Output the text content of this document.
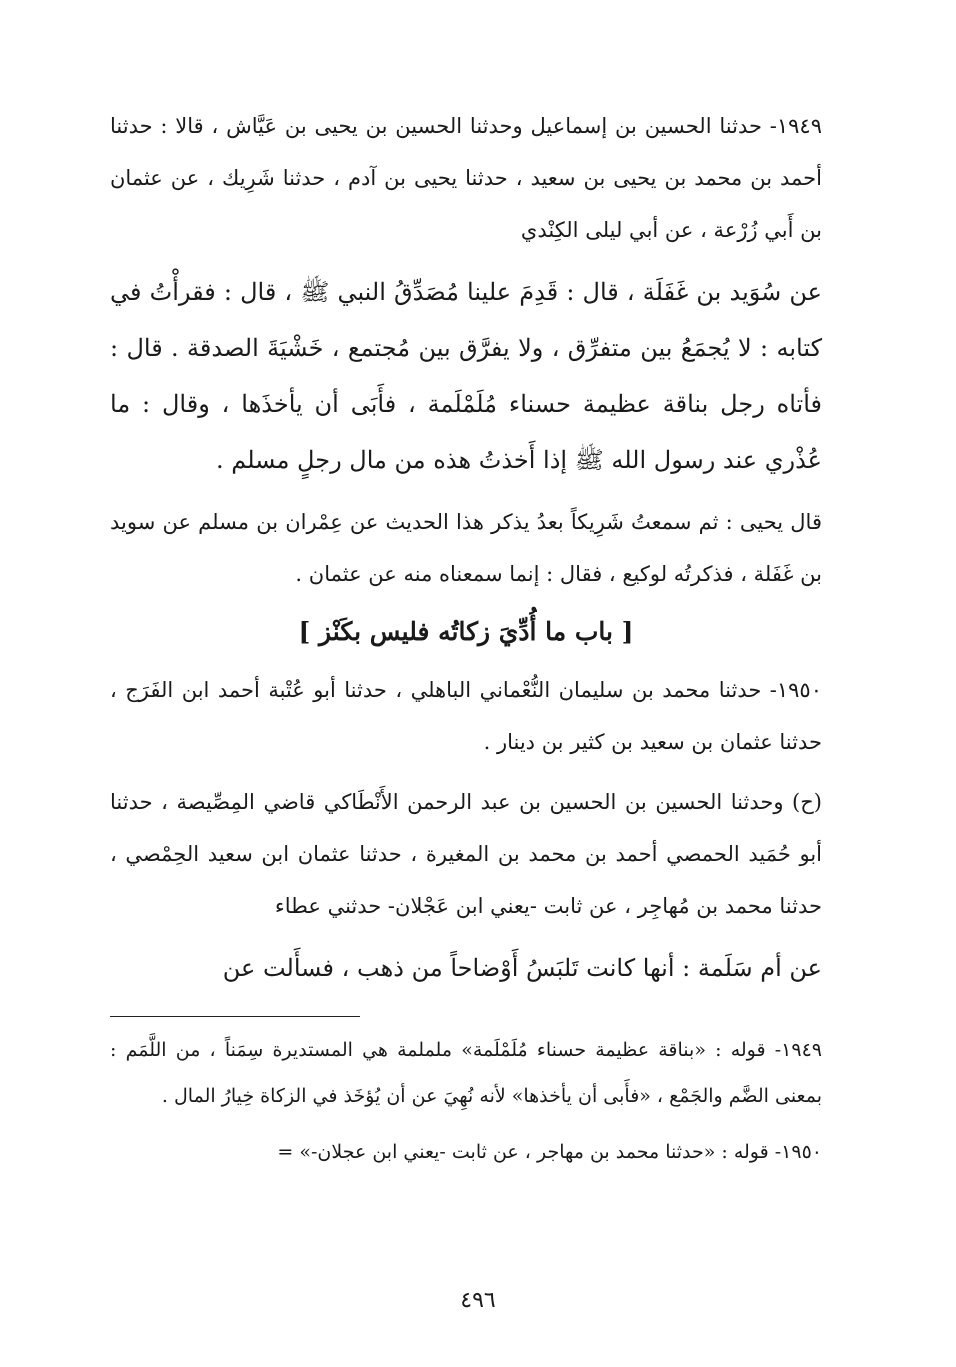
١٩٤٩- حدثنا الحسين بن إسماعيل وحدثنا الحسين بن يحيى بن عَيَّاش ، قالا : حدثنا أحمد بن محمد بن يحيى بن سعيد ، حدثنا يحيى بن آدم ، حدثنا شَرِيك ، عن عثمان بن أَبي زُرْعة ، عن أبي ليلى الكِنْدي

عن سُوَيد بن غَفَلَة ، قال : قَدِمَ علينا مُصَدِّقُ النبي ﷺ ، قال : فقرأْتُ في كتابه : لا يُجمَعُ بين متفرِّق ، ولا يفرَّق بين مُجتمع ، خَشْيَةَ الصدقة . قال : فأتاه رجل بناقة عظيمة حسناء مُلَمْلَمة ، فأَبَى أن يأخذَها ، وقال : ما عُذْري عند رسول الله ﷺ إذا أَخذتُ هذه من مال رجلٍ مسلم .

قال يحيى : ثم سمعتُ شَرِيكاً بعدُ يذكر هذا الحديث عن عِمْران بن مسلم عن سويد بن غَفَلة ، فذكرتُه لوكيع ، فقال : إنما سمعناه منه عن عثمان .

[ باب ما أُدِّيَ زكاتُه فليس بكَنْز ]

١٩٥٠- حدثنا محمد بن سليمان النُّعْماني الباهلي ، حدثنا أبو عُتْبة أحمد ابن الفَرَج ، حدثنا عثمان بن سعيد بن كثير بن دينار .

(ح) وحدثنا الحسين بن الحسين بن عبد الرحمن الأَنْطَاكي قاضي المِصِّيصة ، حدثنا أبو حُمَيد الحمصي أحمد بن محمد بن المغيرة ، حدثنا عثمان ابن سعيد الحِمْصي ، حدثنا محمد بن مُهاجِر ، عن ثابت -يعني ابن عَجْلان- حدثني عطاء

عن أم سَلَمة : أنها كانت تَلبَسُ أَوْضاحاً من ذهب ، فسأَلت عن

١٩٤٩- قوله : «بناقة عظيمة حسناء مُلَمْلَمة» ململمة هي المستديرة سِمَناً ، من اللَّمَم : بمعنى الضَّم والجَمْع ، «فأَبى أن يأخذها» لأنه نُهِيَ عن أن يُؤخَذ في الزكاة خِيارُ المال .

١٩٥٠- قوله : «حدثنا محمد بن مهاجر ، عن ثابت -يعني ابن عجلان-» =

٤٩٦
